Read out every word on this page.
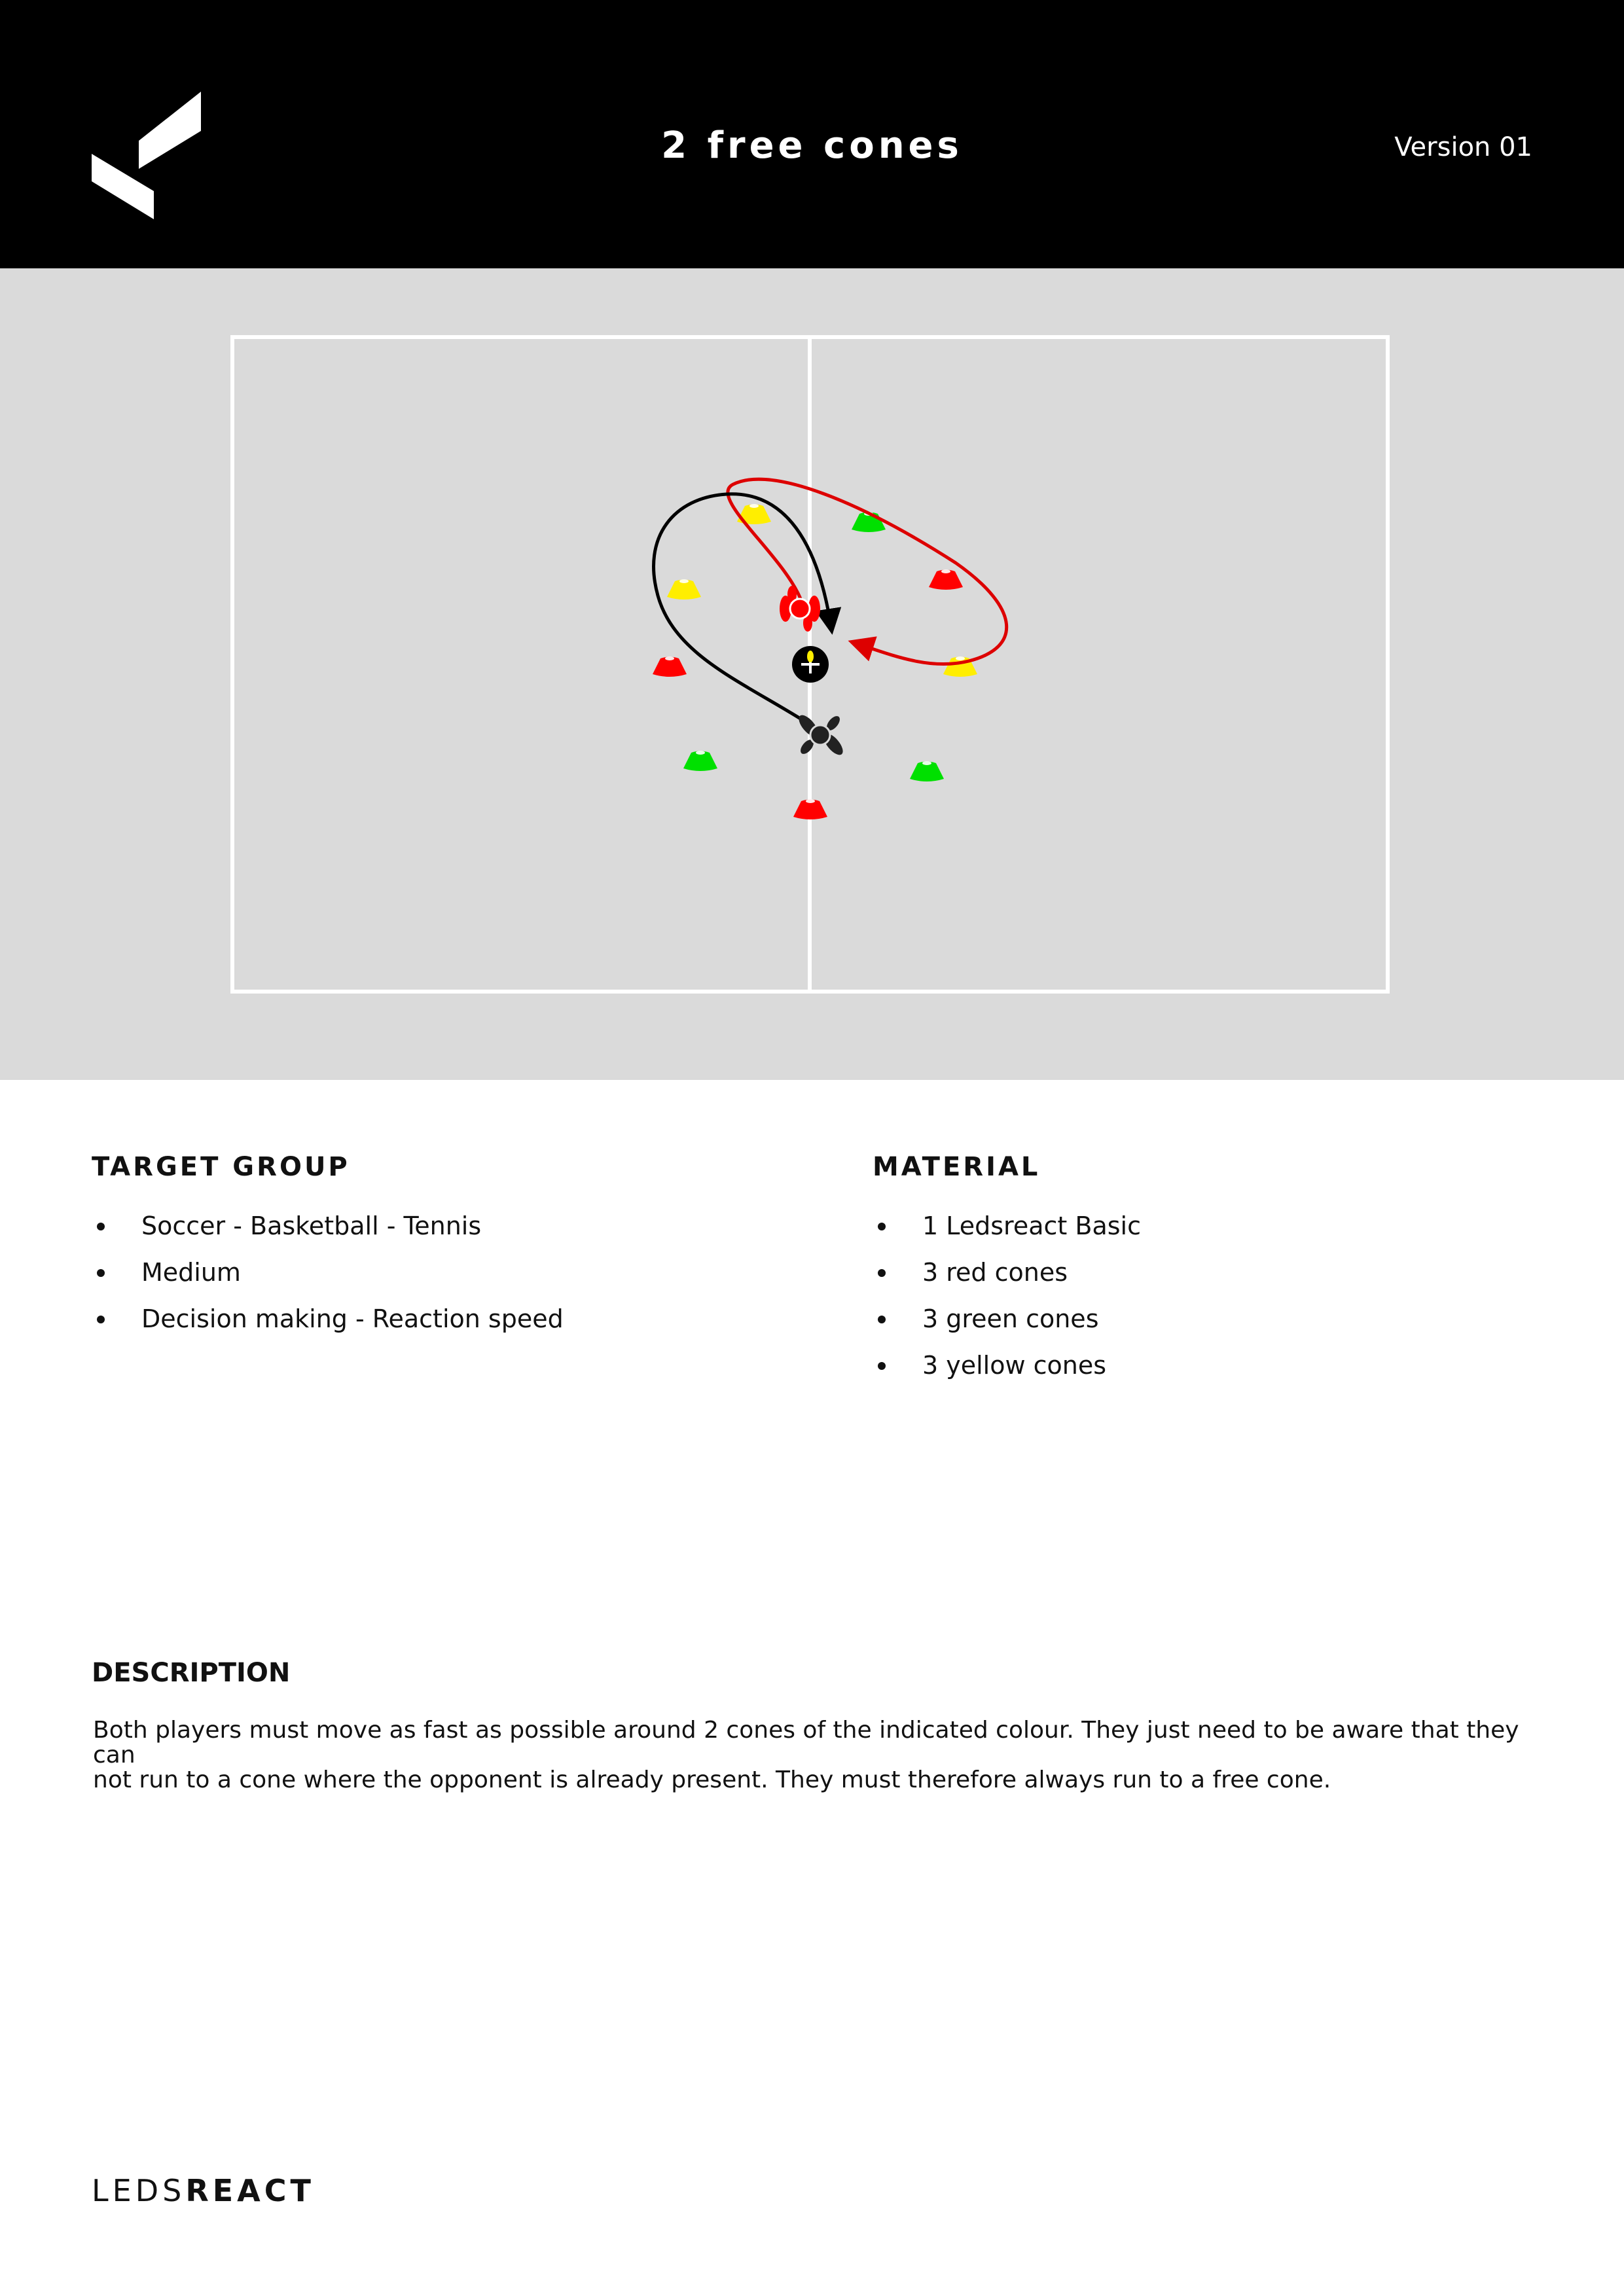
2 free cones	Version 01
TARGET GROUP
Soccer - Basketball - Tennis
Medium
Decision making - Reaction speed
MATERIAL
1 Ledsreact Basic
3 red cones
3 green cones
3 yellow cones
DESCRIPTION
Both players must move as fast as possible around 2 cones of the indicated colour. They just need to be aware that they can
not run to a cone where the opponent is already present. They must therefore always run to a free cone.
LEDSREACT
